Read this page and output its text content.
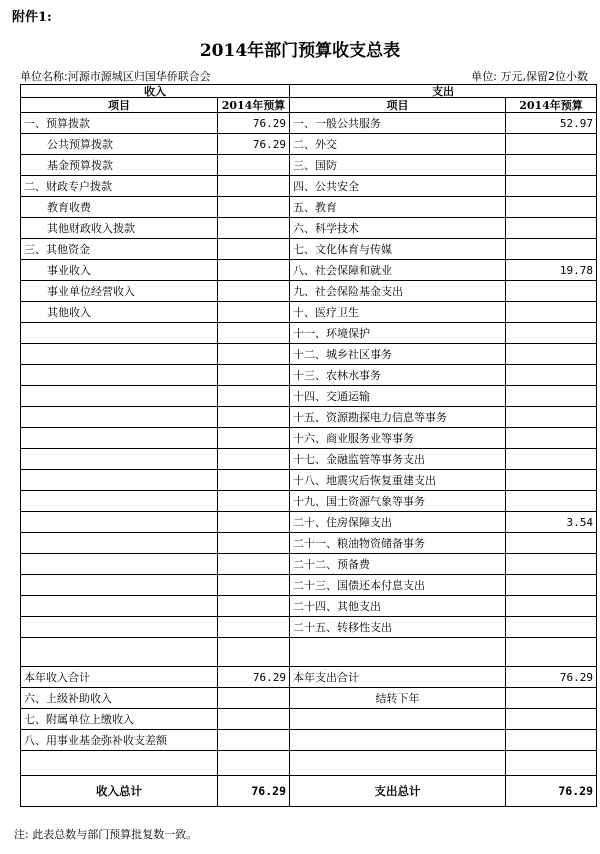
附件1:
2014年部门预算收支总表
单位名称:河源市源城区归国华侨联合会	单位: 万元,保留2位小数
收入		支出	
项目	2014年预算	项目	2014年预算
一、预算拨款	76.29	一、一般公共服务	52.97
公共预算拨款	76.29	二、外交	
基金预算拨款		三、国防	
二、财政专户拨款		四、公共安全	
教育收费		五、教育	
其他财政收入拨款		六、科学技术	
三、其他资金		七、文化体育与传媒	
事业收入		八、社会保障和就业	19.78
事业单位经营收入		九、社会保险基金支出	
其他收入		十、医疗卫生	
		十一、环境保护	
		十二、城乡社区事务	
		十三、农林水事务	
		十四、交通运输	
		十五、资源勘探电力信息等事务	
		十六、商业服务业等事务	
		十七、金融监管等事务支出	
		十八、地震灾后恢复重建支出	
		十九、国土资源气象等事务	
		二十、住房保障支出	3.54
		二十一、粮油物资储备事务	
		二十二、预备费	
		二十三、国债还本付息支出	
		二十四、其他支出	
		二十五、转移性支出	

本年收入合计	76.29	本年支出合计	76.29
六、上级补助收入		结转下年	
七、附属单位上缴收入			
八、用事业基金弥补收支差额			

收入总计	76.29	支出总计	76.29
注: 此表总数与部门预算批复数一致。
